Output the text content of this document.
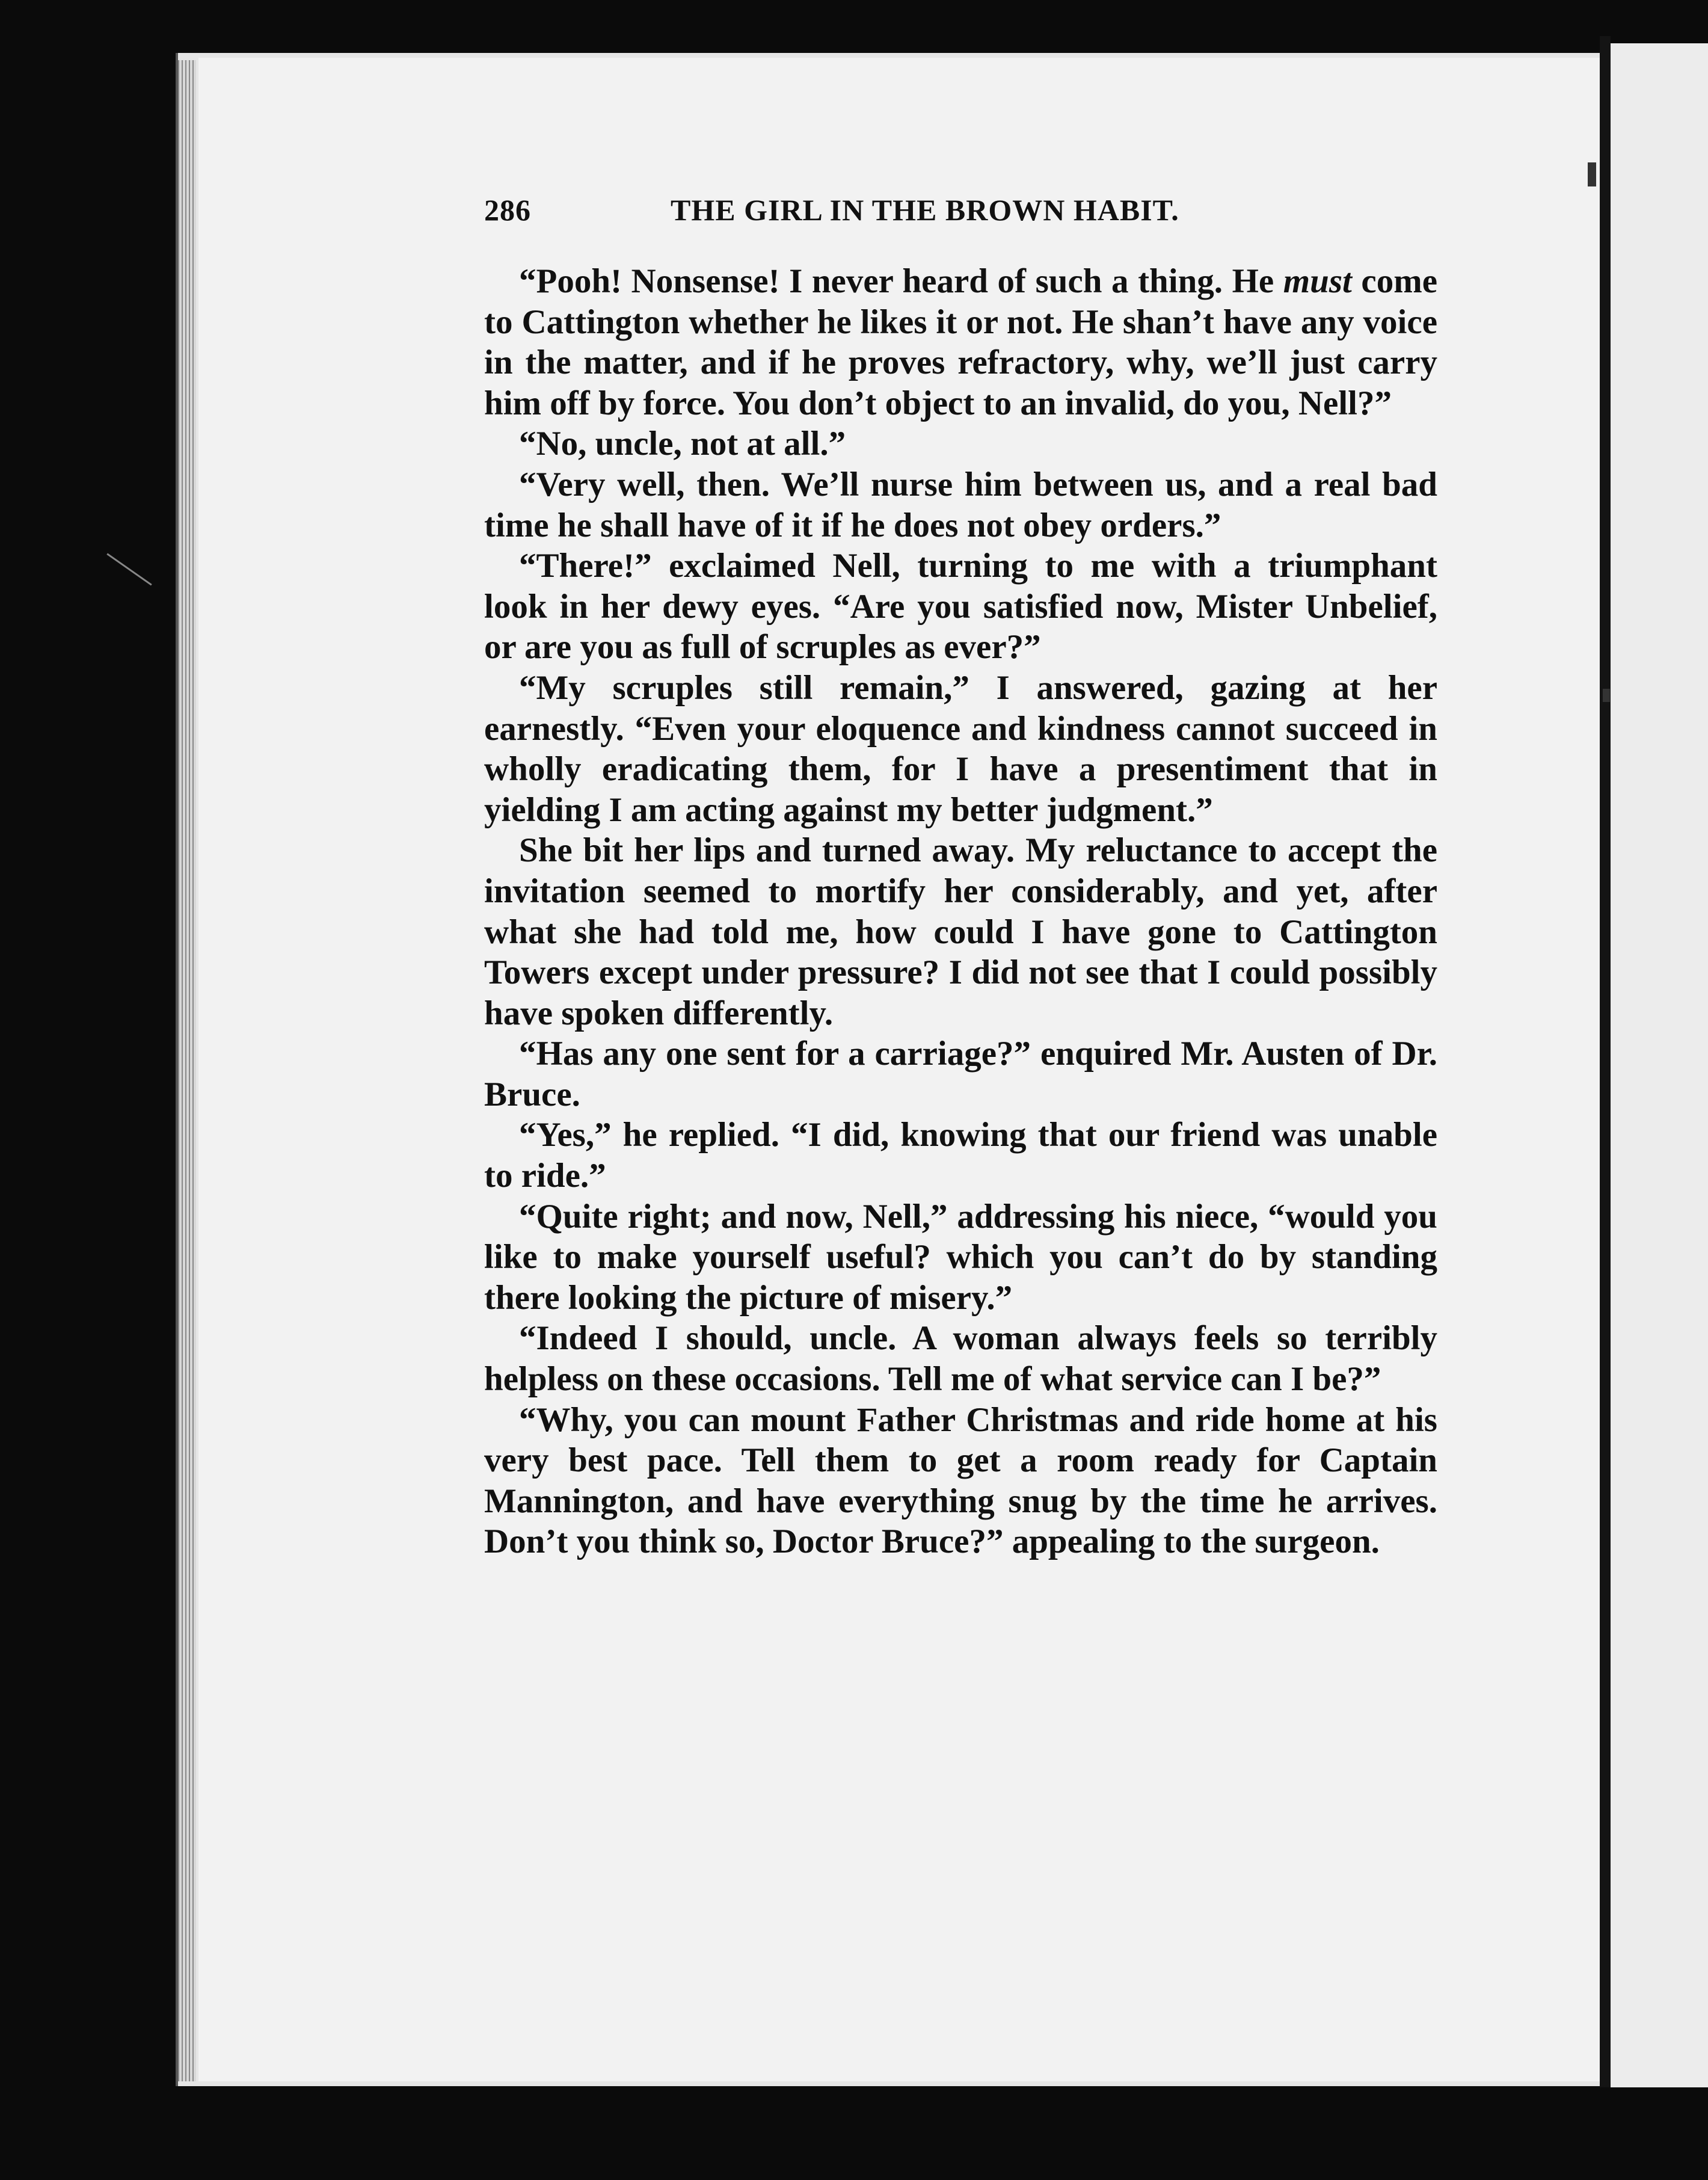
286	THE GIRL IN THE BROWN HABIT.

“Pooh! Nonsense! I never heard of such a thing. He must come to Cattington whether he likes it or not. He shan’t have any voice in the matter, and if he proves refractory, why, we’ll just carry him off by force. You don’t object to an invalid, do you, Nell?”

“No, uncle, not at all.”

“Very well, then. We’ll nurse him between us, and a real bad time he shall have of it if he does not obey orders.”

“There!” exclaimed Nell, turning to me with a triumphant look in her dewy eyes. “Are you satisfied now, Mister Unbelief, or are you as full of scruples as ever?”

“My scruples still remain,” I answered, gazing at her earnestly. “Even your eloquence and kindness cannot succeed in wholly eradicating them, for I have a presentiment that in yielding I am acting against my better judgment.”

She bit her lips and turned away. My reluctance to accept the invitation seemed to mortify her considerably, and yet, after what she had told me, how could I have gone to Cattington Towers except under pressure? I did not see that I could possibly have spoken differently.

“Has any one sent for a carriage?” enquired Mr. Austen of Dr. Bruce.

“Yes,” he replied. “I did, knowing that our friend was unable to ride.”

“Quite right; and now, Nell,” addressing his niece, “would you like to make yourself useful? which you can’t do by standing there looking the picture of misery.”

“Indeed I should, uncle. A woman always feels so terribly helpless on these occasions. Tell me of what service can I be?”

“Why, you can mount Father Christmas and ride home at his very best pace. Tell them to get a room ready for Captain Mannington, and have everything snug by the time he arrives. Don’t you think so, Doctor Bruce?” appealing to the surgeon.
